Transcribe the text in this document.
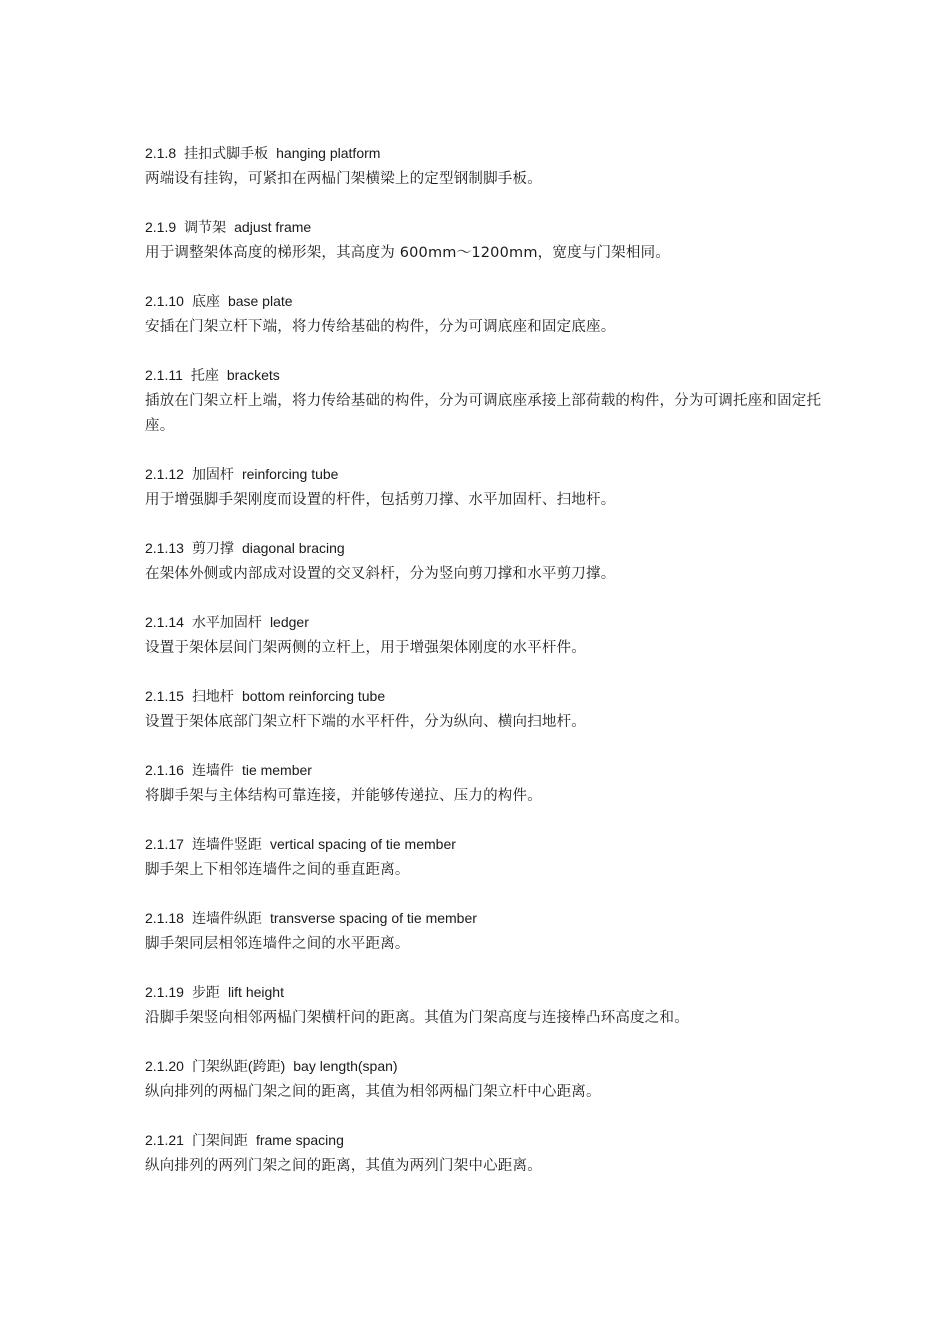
2.1.8 挂扣式脚手板 hanging platform
两端设有挂钩，可紧扣在两榀门架横梁上的定型钢制脚手板。
2.1.9 调节架 adjust frame
用于调整架体高度的梯形架，其高度为 600mm～1200mm，宽度与门架相同。
2.1.10 底座 base plate
安插在门架立杆下端，将力传给基础的构件，分为可调底座和固定底座。
2.1.11 托座 brackets
插放在门架立杆上端，将力传给基础的构件，分为可调底座承接上部荷载的构件，分为可调托座和固定托座。
2.1.12 加固杆 reinforcing tube
用于增强脚手架刚度而设置的杆件，包括剪刀撑、水平加固杆、扫地杆。
2.1.13 剪刀撑 diagonal bracing
在架体外侧或内部成对设置的交叉斜杆，分为竖向剪刀撑和水平剪刀撑。
2.1.14 水平加固杆 ledger
设置于架体层间门架两侧的立杆上，用于增强架体刚度的水平杆件。
2.1.15 扫地杆 bottom reinforcing tube
设置于架体底部门架立杆下端的水平杆件，分为纵向、横向扫地杆。
2.1.16 连墙件 tie member
将脚手架与主体结构可靠连接，并能够传递拉、压力的构件。
2.1.17 连墙件竖距 vertical spacing of tie member
脚手架上下相邻连墙件之间的垂直距离。
2.1.18 连墙件纵距 transverse spacing of tie member
脚手架同层相邻连墙件之间的水平距离。
2.1.19 步距 lift height
沿脚手架竖向相邻两榀门架横杆问的距离。其值为门架高度与连接棒凸环高度之和。
2.1.20 门架纵距(跨距) bay length(span)
纵向排列的两榀门架之间的距离，其值为相邻两榀门架立杆中心距离。
2.1.21 门架间距 frame spacing
纵向排列的两列门架之间的距离，其值为两列门架中心距离。
